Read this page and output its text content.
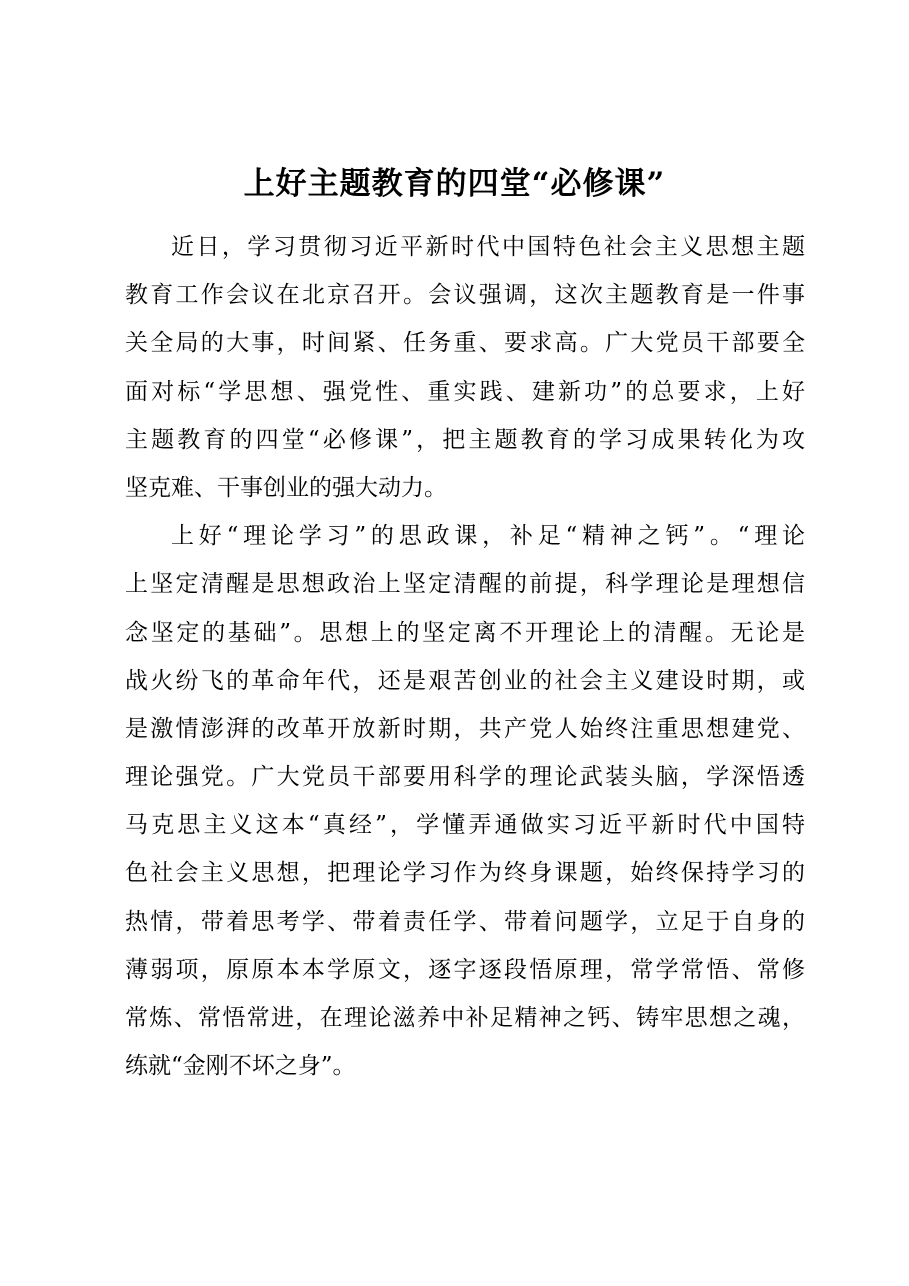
上好主题教育的四堂“必修课”
近日，学习贯彻习近平新时代中国特色社会主义思想主题
教育工作会议在北京召开。会议强调，这次主题教育是一件事
关全局的大事，时间紧、任务重、要求高。广大党员干部要全
面对标“学思想、强党性、重实践、建新功”的总要求，上好
主题教育的四堂“必修课”，把主题教育的学习成果转化为攻
坚克难、干事创业的强大动力。
上好“理论学习”的思政课，补足“精神之钙”。“理论
上坚定清醒是思想政治上坚定清醒的前提，科学理论是理想信
念坚定的基础”。思想上的坚定离不开理论上的清醒。无论是
战火纷飞的革命年代，还是艰苦创业的社会主义建设时期，或
是激情澎湃的改革开放新时期，共产党人始终注重思想建党、
理论强党。广大党员干部要用科学的理论武装头脑，学深悟透
马克思主义这本“真经”，学懂弄通做实习近平新时代中国特
色社会主义思想，把理论学习作为终身课题，始终保持学习的
热情，带着思考学、带着责任学、带着问题学，立足于自身的
薄弱项，原原本本学原文，逐字逐段悟原理，常学常悟、常修
常炼、常悟常进，在理论滋养中补足精神之钙、铸牢思想之魂，
练就“金刚不坏之身”。
